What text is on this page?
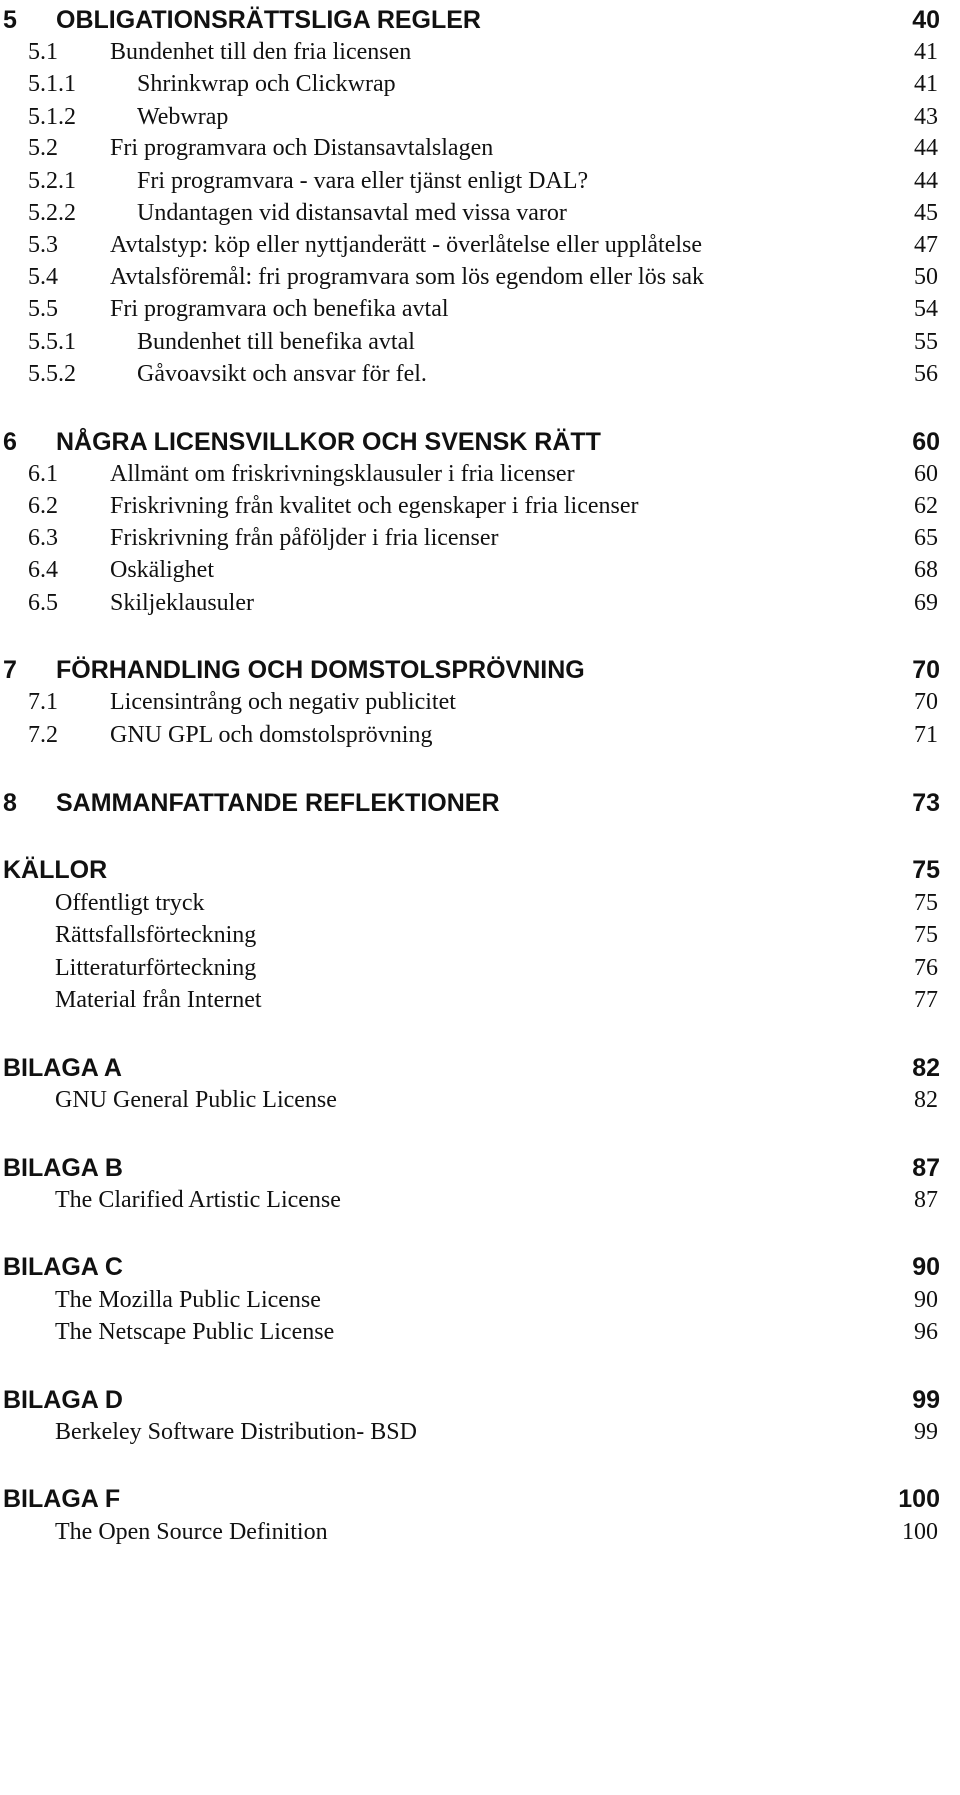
5 OBLIGATIONSRÄTTSLIGA REGLER	40
5.1 Bundenhet till den fria licensen	41
5.1.1	Shrinkwrap och Clickwrap	41
5.1.2	Webwrap	43
5.2 Fri programvara och Distansavtalslagen	44
5.2.1	Fri programvara - vara eller tjänst enligt DAL?	44
5.2.2	Undantagen vid distansavtal med vissa varor	45
5.3 Avtalstyp: köp eller nyttjanderätt - överlåtelse eller upplåtelse	47
5.4 Avtalsföremål: fri programvara som lös egendom eller lös sak	50
5.5 Fri programvara och benefika avtal	54
5.5.1	Bundenhet till benefika avtal	55
5.5.2	Gåvoavsikt och ansvar för fel.	56
6 NÅGRA LICENSVILLKOR OCH SVENSK RÄTT	60
6.1 Allmänt om friskrivningsklausuler i fria licenser	60
6.2 Friskrivning från kvalitet och egenskaper i fria licenser	62
6.3 Friskrivning från påföljder i fria licenser	65
6.4 Oskälighet	68
6.5 Skiljeklausuler	69
7 FÖRHANDLING OCH DOMSTOLSPRÖVNING	70
7.1 Licensintrång och negativ publicitet	70
7.2 GNU GPL och domstolsprövning	71
8 SAMMANFATTANDE REFLEKTIONER	73
KÄLLOR	75
Offentligt tryck	75
Rättsfallsförteckning	75
Litteraturförteckning	76
Material från Internet	77
BILAGA A	82
GNU General Public License	82
BILAGA B	87
The Clarified Artistic License	87
BILAGA C	90
The Mozilla Public License	90
The Netscape Public License	96
BILAGA D	99
Berkeley Software Distribution- BSD	99
BILAGA F	100
The Open Source Definition	100
